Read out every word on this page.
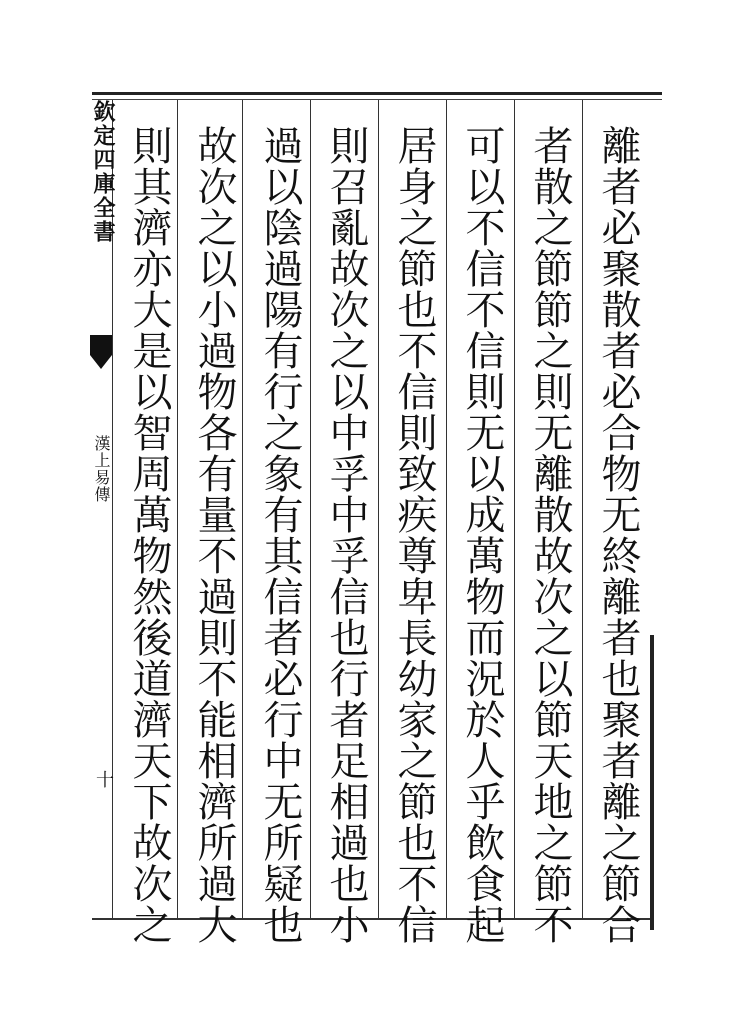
欽定四庫全書
漢上易傳
十	離者必聚散者必合物无終離者也聚者離之節合
者散之節節之則无離散故次之以節天地之節不
可以不信不信則无以成萬物而況於人乎飲食起
居身之節也不信則致疾尊卑長幼家之節也不信
則召亂故次之以中孚中孚信也行者足相過也小
過以陰過陽有行之象有其信者必行中无所疑也
故次之以小過物各有量不過則不能相濟所過大
則其濟亦大是以智周萬物然後道濟天下故次之
